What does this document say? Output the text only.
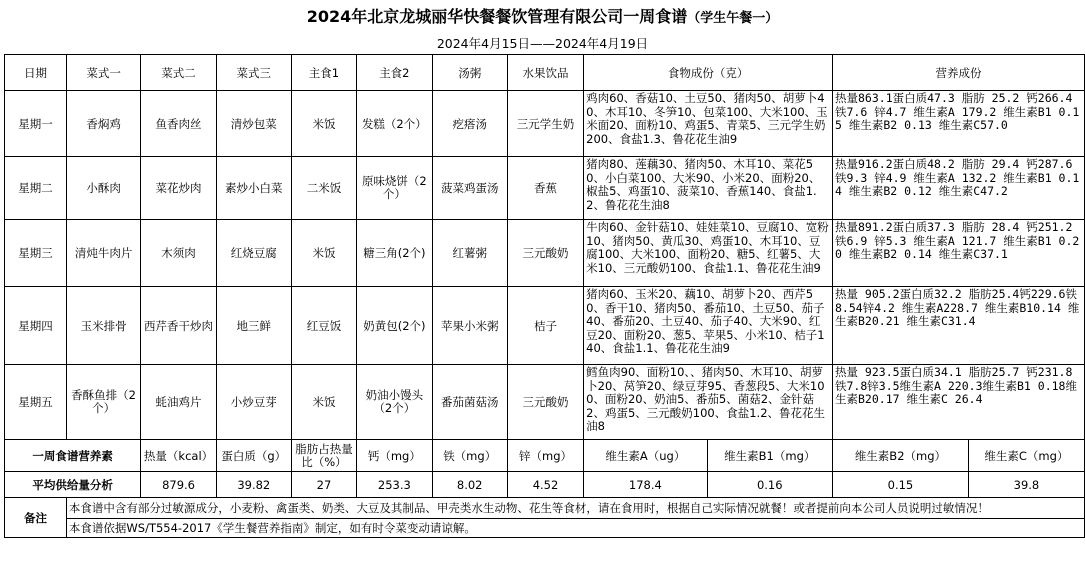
2024年北京龙城丽华快餐餐饮管理有限公司一周食谱（学生午餐一）
2024年4月15日——2024年4月19日
日期	菜式一	菜式二	菜式三	主食1	主食2	汤粥	水果饮品	食物成份（克）		营养成份	
星期一	香焖鸡	鱼香肉丝	清炒包菜	米饭	发糕（2个）	疙瘩汤	三元学生奶	鸡肉60、香菇10、土豆50、猪肉50、胡萝卜40、木耳10、冬笋10、包菜100、大米100、玉米面20、面粉10、鸡蛋5、青菜5、三元学生奶200、食盐1.3、鲁花花生油9		热量863.1蛋白质47.3 脂肪 25.2 钙266.4 铁7.6 锌4.7 维生素A 179.2 维生素B1 0.15 维生素B2 0.13 维生素C57.0	
星期二	小酥肉	菜花炒肉	素炒小白菜	二米饭	原味烧饼（2个）	菠菜鸡蛋汤	香蕉	猪肉80、莲藕30、猪肉50、木耳10、菜花50、小白菜100、大米90、小米20、面粉20、椒盐5、鸡蛋10、菠菜10、香蕉140、食盐1.2、鲁花花生油8		热量916.2蛋白质48.2 脂肪 29.4 钙287.6 铁9.3 锌4.9 维生素A 132.2 维生素B1 0.14 维生素B2 0.12 维生素C47.2	
星期三	清炖牛肉片	木须肉	红烧豆腐	米饭	糖三角(2个)	红薯粥	三元酸奶	牛肉60、金针菇10、娃娃菜10、豆腐10、宽粉10、猪肉50、黄瓜30、鸡蛋10、木耳10、豆腐100、大米100、面粉20、糖5、红薯5、大米10、三元酸奶100、食盐1.1、鲁花花生油9		热量891.2蛋白质37.3 脂肪 28.4 钙251.2 铁6.9 锌5.3 维生素A 121.7 维生素B1 0.20 维生素B2 0.14 维生素C37.1	
星期四	玉米排骨	西芹香干炒肉	地三鲜	红豆饭	奶黄包(2个)	苹果小米粥	桔子	猪肉60、玉米20、藕10、胡萝卜20、西芹50、香干10、猪肉50、番茄10、土豆50、茄子40、番茄20、土豆40、茄子40、大米90、红豆20、面粉20、葱5、苹果5、小米10、桔子140、食盐1.1、鲁花花生油9		热量 905.2蛋白质32.2 脂肪25.4钙229.6铁8.54锌4.2 维生素A228.7 维生素B10.14 维生素B20.21 维生素C31.4	
星期五	香酥鱼排（2个）	蚝油鸡片	小炒豆芽	米饭	奶油小馒头（2个）	番茄菌菇汤	三元酸奶	鳕鱼肉90、面粉10、、猪肉50、木耳10、胡萝卜20、莴笋20、绿豆芽95、香葱段5、大米100、面粉20、奶油5、番茄5、菌菇2、金针菇2、鸡蛋5、三元酸奶100、食盐1.2、鲁花花生油8		热量 923.5蛋白质34.1 脂肪25.7 钙231.8铁7.8锌3.5维生素A 220.3维生素B1 0.18维生素B20.17 维生素C 26.4	
一周食谱营养素		热量（kcal）	蛋白质（g）	脂肪占热量比（%）	钙（mg）	铁（mg）	锌（mg）	维生素A（ug）	维生素B1（mg）	维生素B2（mg）	维生素C（mg）
平均供给量分析		879.6	39.82	27	253.3	8.02	4.52	178.4	0.16	0.15	39.8
备注	本食谱中含有部分过敏源成分，小麦粉、禽蛋类、奶类、大豆及其制品、甲壳类水生动物、花生等食材，请在食用时，根据自己实际情况就餐！或者提前向本公司人员说明过敏情况！										
	本食谱依据WS/T554-2017《学生餐营养指南》制定，如有时令菜变动请谅解。										
